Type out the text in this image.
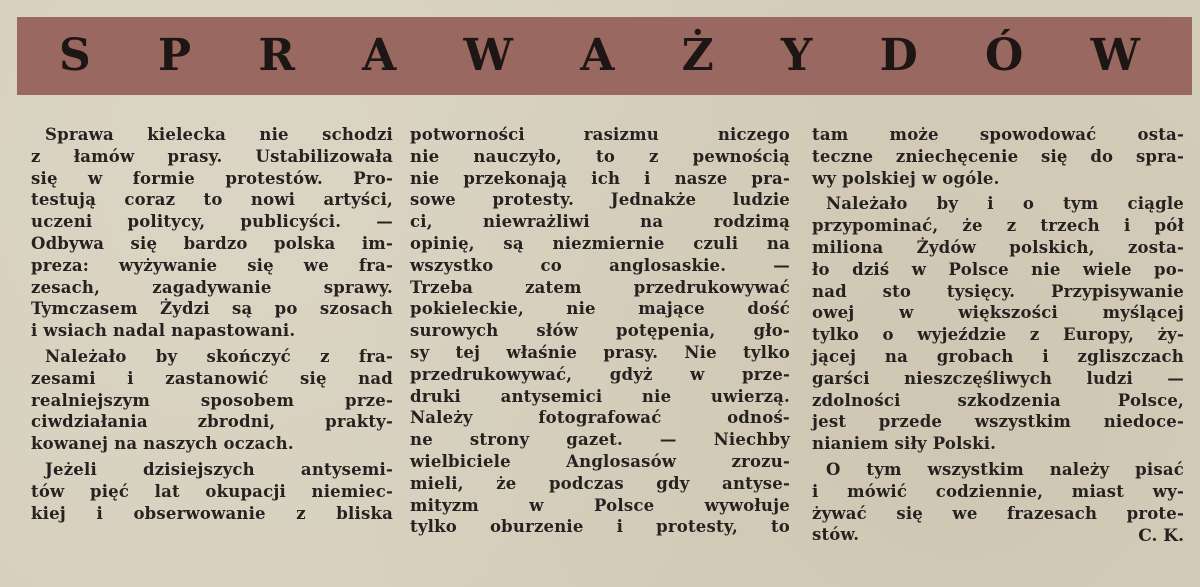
S P R A W A Ż Y D Ó W
Sprawa kielecka nie schodzi
z łamów prasy. Ustabilizowała
się w formie protestów. Pro-
testują coraz to nowi artyści,
uczeni politycy, publicyści. —
Odbywa się bardzo polska im-
preza: wyżywanie się we fra-
zesach, zagadywanie sprawy.
Tymczasem Żydzi są po szosach
i wsiach nadal napastowani.
Należało by skończyć z fra-
zesami i zastanowić się nad
realniejszym sposobem prze-
ciwdziałania zbrodni, prakty-
kowanej na naszych oczach.
Jeżeli dzisiejszych antysemi-
tów pięć lat okupacji niemiec-
kiej i obserwowanie z bliska
potworności rasizmu niczego
nie nauczyło, to z pewnością
nie przekonają ich i nasze pra-
sowe protesty. Jednakże ludzie
ci, niewrażliwi na rodzimą
opinię, są niezmiernie czuli na
wszystko co anglosaskie. —
Trzeba zatem przedrukowywać
pokieleckie, nie mające dość
surowych słów potępenia, gło-
sy tej właśnie prasy. Nie tylko
przedrukowywać, gdyż w prze-
druki antysemici nie uwierzą.
Należy fotografować odnoś-
ne strony gazet. — Niechby
wielbiciele Anglosasów zrozu-
mieli, że podczas gdy antyse-
mityzm w Polsce wywołuje
tylko oburzenie i protesty, to
tam może spowodować osta-
teczne zniechęcenie się do spra-
wy polskiej w ogóle.
Należało by i o tym ciągle
przypominać, że z trzech i pół
miliona Żydów polskich, zosta-
ło dziś w Polsce nie wiele po-
nad sto tysięcy. Przypisywanie
owej w większości myślącej
tylko o wyjeździe z Europy, ży-
jącej na grobach i zgliszczach
garści nieszczęśliwych ludzi —
zdolności szkodzenia Polsce,
jest przede wszystkim niedoce-
nianiem siły Polski.
O tym wszystkim należy pisać
i mówić codziennie, miast wy-
żywać się we frazesach prote-
stów.	C. K.
